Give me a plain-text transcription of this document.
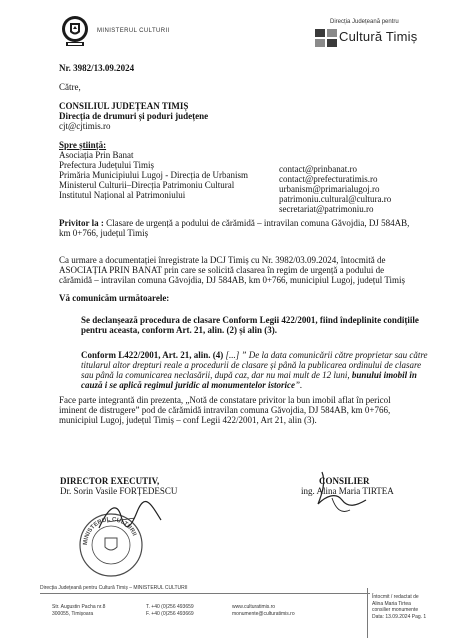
MINISTERUL CULTURII
Direcția Județeană pentru
Cultură Timiș
Nr. 3982/13.09.2024
Către,
CONSILIUL JUDEȚEAN TIMIȘ
Direcția de drumuri și poduri județene
cjt@cjtimis.ro
Spre știință:
Asociația Prin Banat
Prefectura Județului Timiș
Primăria Municipiului Lugoj - Direcția de Urbanism
Ministerul Culturii–Direcția Patrimoniu Cultural
Institutul Național al Patrimoniului
contact@prinbanat.ro
contact@prefecturatimis.ro
urbanism@primarialugoj.ro
patrimoniu.cultural@cultura.ro
secretariat@patrimoniu.ro
Privitor la : Clasare de urgență a podului de cărămidă – intravilan comuna Găvojdia, DJ 584AB,
km 0+766, județul Timiș
Ca urmare a documentației înregistrate la DCJ Timiș cu Nr. 3982/03.09.2024, întocmită de
ASOCIAȚIA PRIN BANAT prin care se solicită clasarea în regim de urgență a podului de
cărămidă – intravilan comuna Găvojdia, DJ 584AB, km 0+766, municipiul Lugoj, județul Timiș
Vă comunicăm următoarele:
Se declanșează procedura de clasare Conform Legii 422/2001, fiind îndeplinite condițiile
pentru aceasta, conform Art. 21, alin. (2) și alin (3).
Conform L422/2001, Art. 21, alin. (4) [...] ” De la data comunicării către proprietar sau către
titularul altor drepturi reale a procedurii de clasare și până la publicarea ordinului de clasare
sau până la comunicarea neclasării, după caz, dar nu mai mult de 12 luni, bunului imobil în
cauză i se aplică regimul juridic al monumentelor istorice”.
Face parte integrantă din prezenta, „Notă de constatare privitor la bun imobil aflat în pericol
iminent de distrugere” pod de cărămidă intravilan comuna Găvojdia, DJ 584AB, km 0+766,
municipiul Lugoj, județul Timiș – conf Legii 422/2001, Art 21, alin (3).
DIRECTOR EXECUTIV,
Dr. Sorin Vasile FORȚEDESCU
CONSILIER
ing. Alina Maria TIRTEA
MINISTERUL CULTURII
Direcția Județeană pentru Cultură Timiș – MINISTERUL CULTURII
Str. Augustin Pacha nr.8
300055, Timișoara
T. +40 (0)256 493659
F. +40 (0)256 493669
www.culturatimis.ro
monumente@culturatimis.ro
Întocmit / redactat de
Alina Maria Tirtea
consilier monumente
Data: 13.09.2024 Pag. 1
